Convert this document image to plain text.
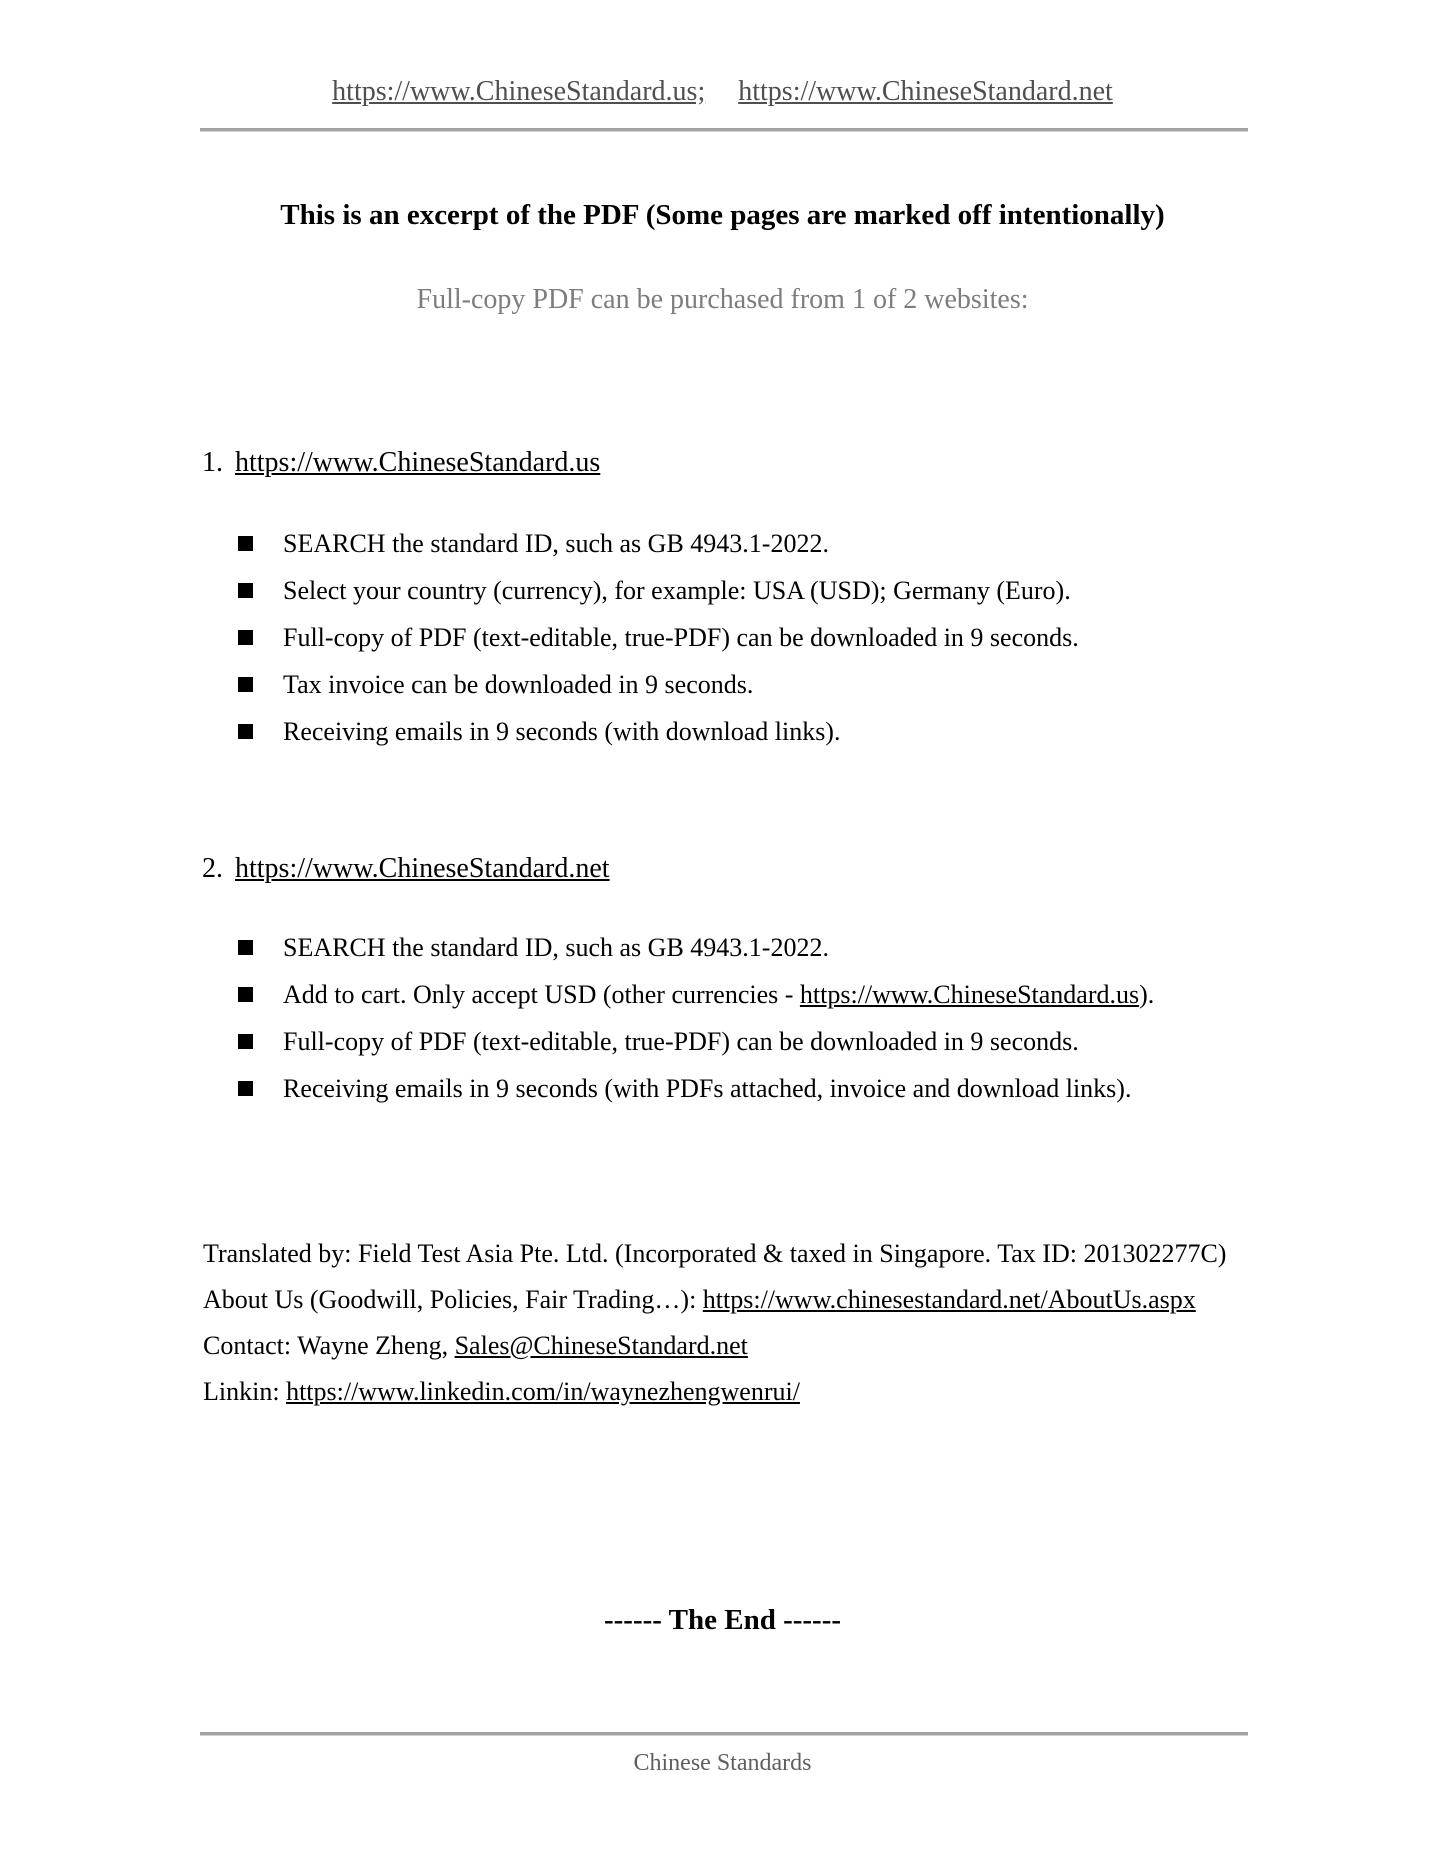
https://www.ChineseStandard.us; https://www.ChineseStandard.net
This is an excerpt of the PDF (Some pages are marked off intentionally)
Full-copy PDF can be purchased from 1 of 2 websites:
1. https://www.ChineseStandard.us
SEARCH the standard ID, such as GB 4943.1-2022.
Select your country (currency), for example: USA (USD); Germany (Euro).
Full-copy of PDF (text-editable, true-PDF) can be downloaded in 9 seconds.
Tax invoice can be downloaded in 9 seconds.
Receiving emails in 9 seconds (with download links).
2. https://www.ChineseStandard.net
SEARCH the standard ID, such as GB 4943.1-2022.
Add to cart. Only accept USD (other currencies - https://www.ChineseStandard.us).
Full-copy of PDF (text-editable, true-PDF) can be downloaded in 9 seconds.
Receiving emails in 9 seconds (with PDFs attached, invoice and download links).
Translated by: Field Test Asia Pte. Ltd. (Incorporated & taxed in Singapore. Tax ID: 201302277C)
About Us (Goodwill, Policies, Fair Trading…): https://www.chinesestandard.net/AboutUs.aspx
Contact: Wayne Zheng, Sales@ChineseStandard.net
Linkin: https://www.linkedin.com/in/waynezhengwenrui/
------ The End ------
Chinese Standards
